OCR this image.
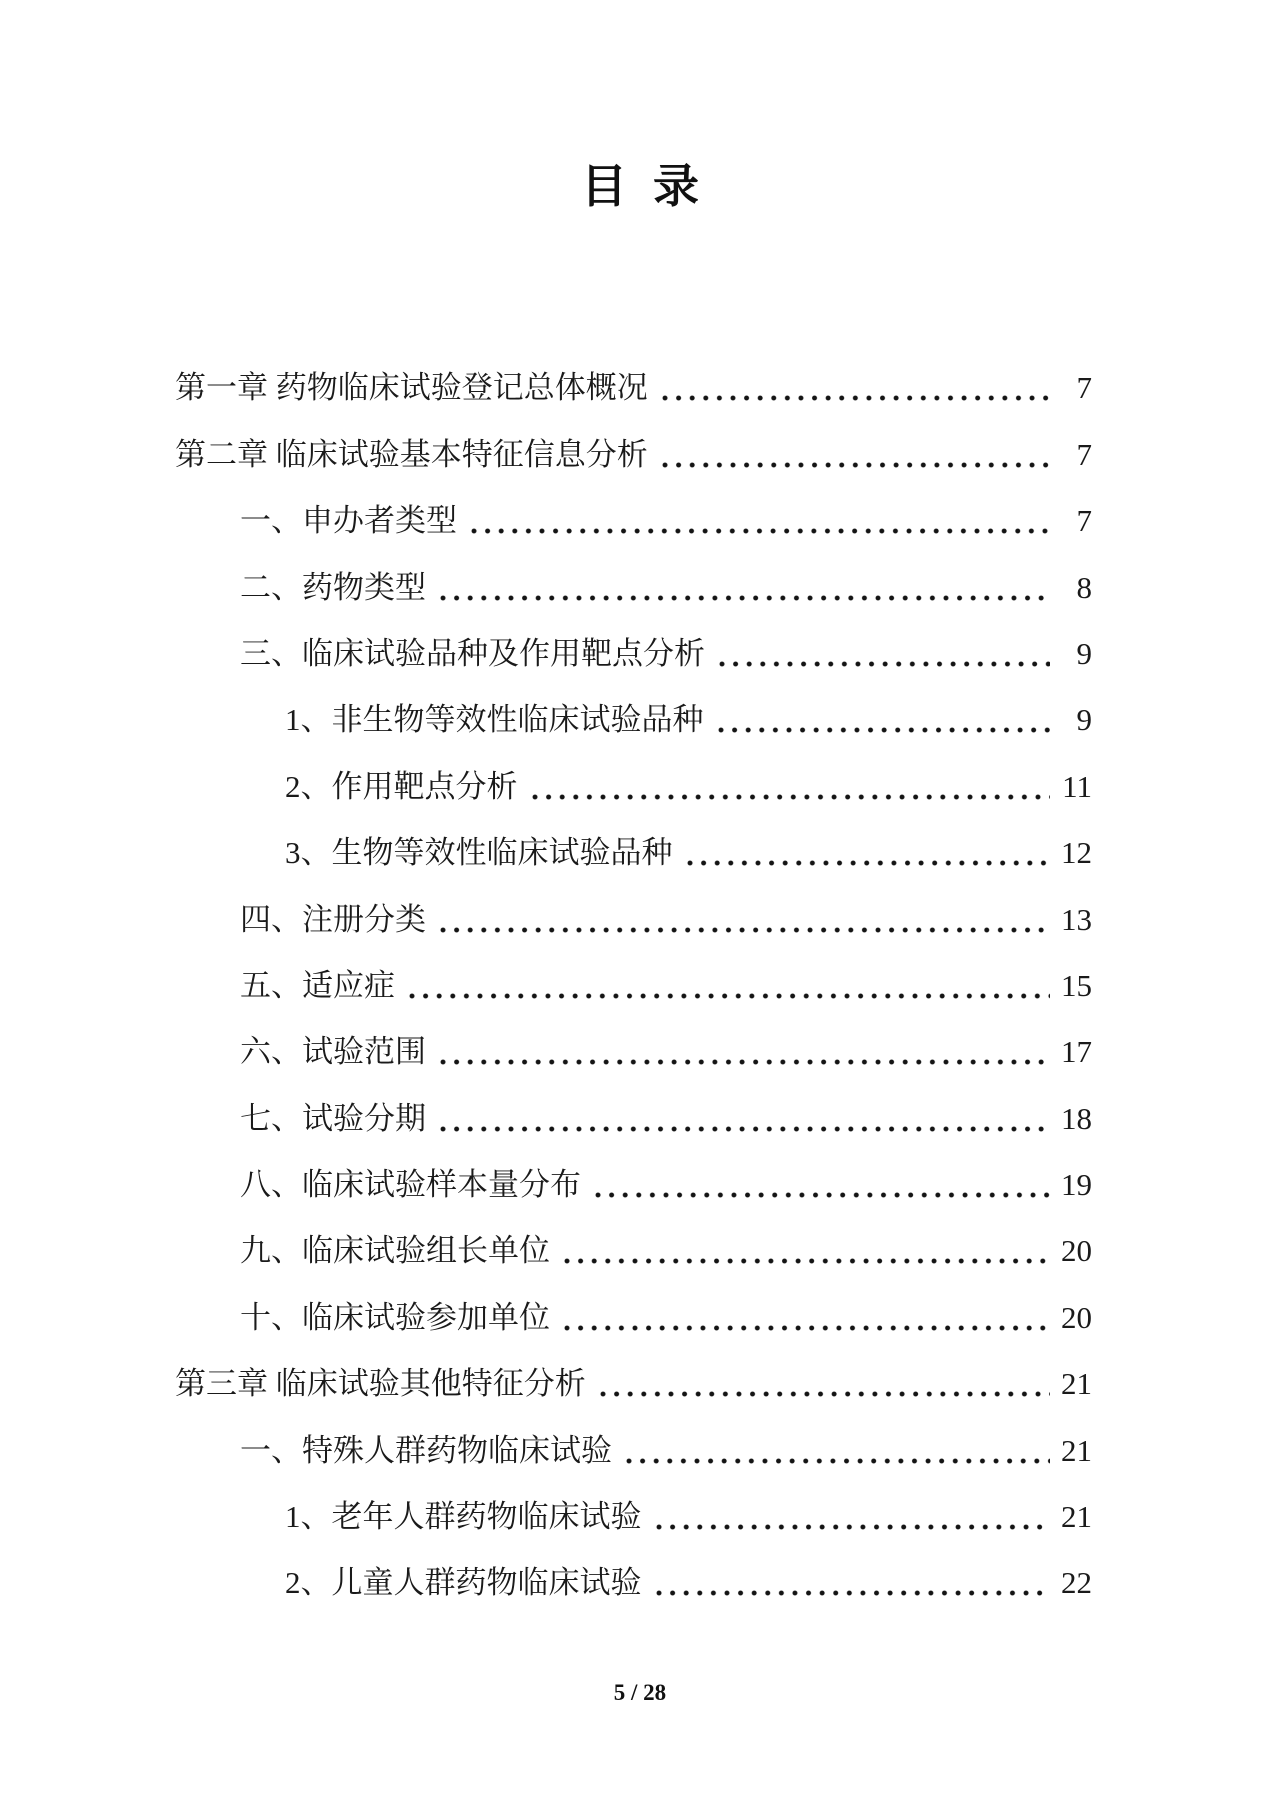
目录
第一章 药物临床试验登记总体概况	7
第二章 临床试验基本特征信息分析	7
一、申办者类型	7
二、药物类型	8
三、临床试验品种及作用靶点分析	9
1、非生物等效性临床试验品种	9
2、作用靶点分析	11
3、生物等效性临床试验品种	12
四、注册分类	13
五、适应症	15
六、试验范围	17
七、试验分期	18
八、临床试验样本量分布	19
九、临床试验组长单位	20
十、临床试验参加单位	20
第三章 临床试验其他特征分析	21
一、特殊人群药物临床试验	21
1、老年人群药物临床试验	21
2、儿童人群药物临床试验	22
5 / 28
